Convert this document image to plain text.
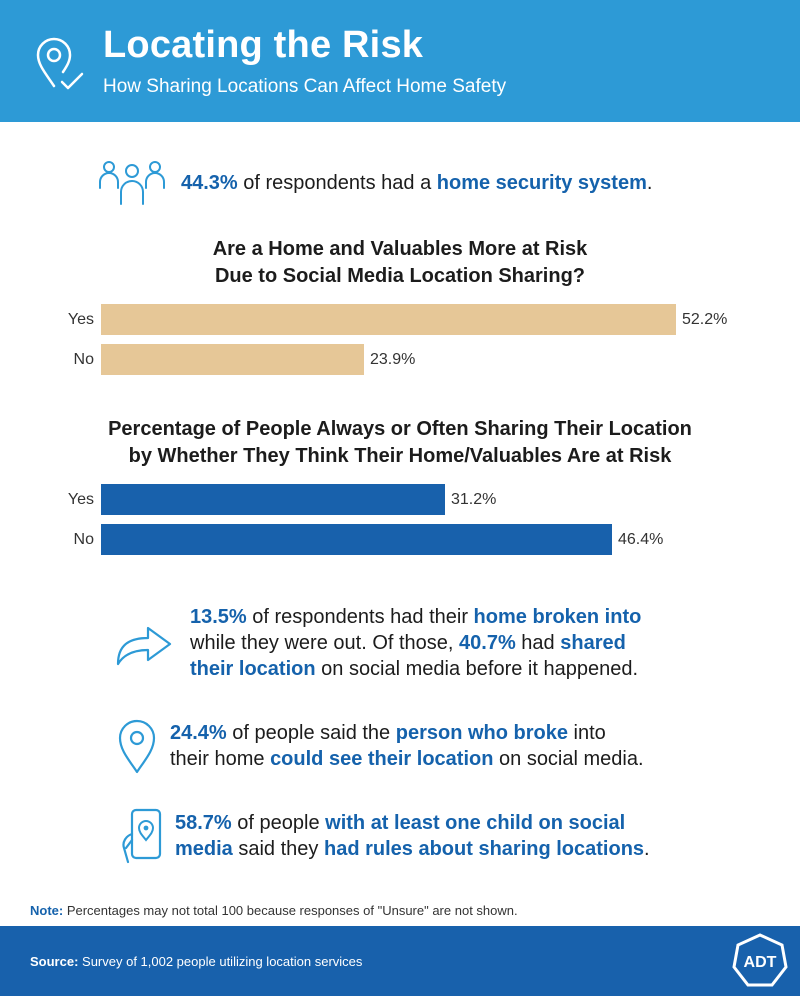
Locating the Risk
How Sharing Locations Can Affect Home Safety
44.3% of respondents had a home security system.
Are a Home and Valuables More at Risk
Due to Social Media Location Sharing?
Yes	52.2%
No	23.9%
Percentage of People Always or Often Sharing Their Location
by Whether They Think Their Home/Valuables Are at Risk
Yes	31.2%
No	46.4%
13.5% of respondents had their home broken into
while they were out. Of those, 40.7% had shared
their location on social media before it happened.
24.4% of people said the person who broke into
their home could see their location on social media.
58.7% of people with at least one child on social
media said they had rules about sharing locations.
Note: Percentages may not total 100 because responses of "Unsure" are not shown.
Source: Survey of 1,002 people utilizing location services	ADT
